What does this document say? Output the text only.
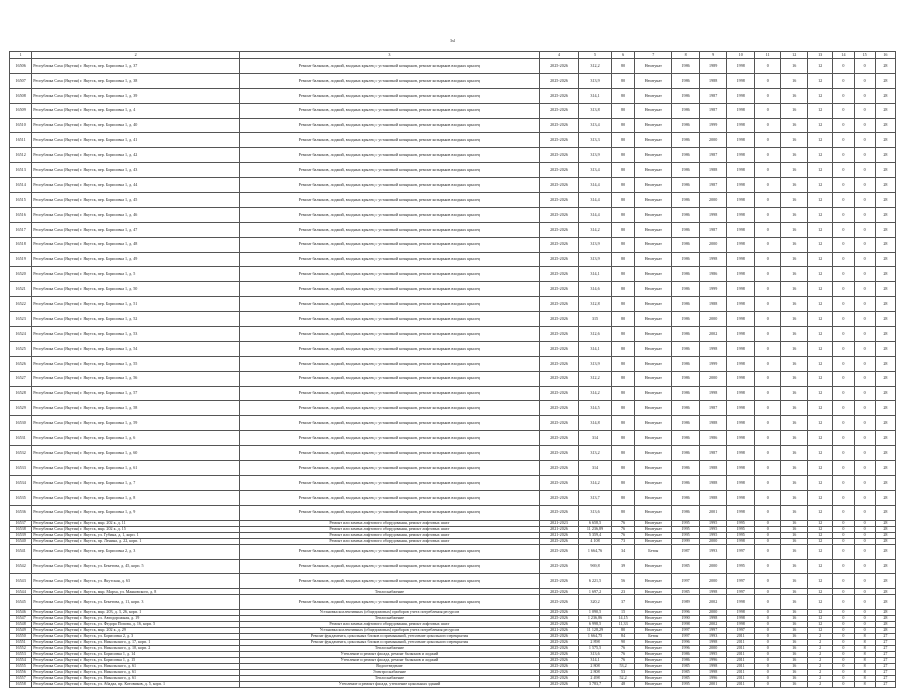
3xl
1	2	3	4	5	6	7	8	9	10	11	12	13	14	15	16
16506	Республика Саха (Якутия) г. Якутск, пер. Борисовка 1, д. 37	Ремонт балконов, лоджий, входных крылец с установкой козырьков, ремонт козырьков входных крылец	2025-2026	312,2	80	Нештукат	1986	1989	1998	0	16	12	0	0	28
16507	Республика Саха (Якутия) г. Якутск, пер. Борисовка 1, д. 38	Ремонт балконов, лоджий, входных крылец с установкой козырьков, ремонт козырьков входных крылец	2025-2026	313,9	80	Нештукат	1986	1988	1998	0	16	12	0	0	28
16508	Республика Саха (Якутия) г. Якутск, пер. Борисовка 1, д. 39	Ремонт балконов, лоджий, входных крылец с установкой козырьков, ремонт козырьков входных крылец	2025-2026	314,1	80	Нештукат	1986	1987	1998	0	16	12	0	0	28
16509	Республика Саха (Якутия) г. Якутск, пер. Борисовка 1, д. 4	Ремонт балконов, лоджий, входных крылец с установкой козырьков, ремонт козырьков входных крылец	2025-2026	313,8	80	Нештукат	1986	1987	1998	0	16	12	0	0	28
16510	Республика Саха (Якутия) г. Якутск, пер. Борисовка 1, д. 40	Ремонт балконов, лоджий, входных крылец с установкой козырьков, ремонт козырьков входных крылец	2025-2026	313,4	80	Нештукат	1986	1999	1998	0	16	12	0	0	28
16511	Республика Саха (Якутия) г. Якутск, пер. Борисовка 1, д. 41	Ремонт балконов, лоджий, входных крылец с установкой козырьков, ремонт козырьков входных крылец	2025-2026	313,3	80	Нештукат	1986	2000	1998	0	16	12	0	0	28
16512	Республика Саха (Якутия) г. Якутск, пер. Борисовка 1, д. 42	Ремонт балконов, лоджий, входных крылец с установкой козырьков, ремонт козырьков входных крылец	2025-2026	313,9	80	Нештукат	1986	1987	1998	0	16	12	0	0	28
16513	Республика Саха (Якутия) г. Якутск, пер. Борисовка 1, д. 43	Ремонт балконов, лоджий, входных крылец с установкой козырьков, ремонт козырьков входных крылец	2025-2026	313,4	80	Нештукат	1986	1988	1998	0	16	12	0	0	28
16514	Республика Саха (Якутия) г. Якутск, пер. Борисовка 1, д. 44	Ремонт балконов, лоджий, входных крылец с установкой козырьков, ремонт козырьков входных крылец	2025-2026	314,4	80	Нештукат	1986	1987	1998	0	16	12	0	0	28
16515	Республика Саха (Якутия) г. Якутск, пер. Борисовка 1, д. 45	Ремонт балконов, лоджий, входных крылец с установкой козырьков, ремонт козырьков входных крылец	2025-2026	314,4	80	Нештукат	1986	2000	1998	0	16	12	0	0	28
16516	Республика Саха (Якутия) г. Якутск, пер. Борисовка 1, д. 46	Ремонт балконов, лоджий, входных крылец с установкой козырьков, ремонт козырьков входных крылец	2025-2026	314,4	80	Нештукат	1986	1998	1998	0	16	12	0	0	28
16517	Республика Саха (Якутия) г. Якутск, пер. Борисовка 1, д. 47	Ремонт балконов, лоджий, входных крылец с установкой козырьков, ремонт козырьков входных крылец	2025-2026	314,2	80	Нештукат	1986	1987	1998	0	16	12	0	0	28
16518	Республика Саха (Якутия) г. Якутск, пер. Борисовка 1, д. 48	Ремонт балконов, лоджий, входных крылец с установкой козырьков, ремонт козырьков входных крылец	2025-2026	313,9	80	Нештукат	1986	2000	1998	0	16	12	0	0	28
16519	Республика Саха (Якутия) г. Якутск, пер. Борисовка 1, д. 49	Ремонт балконов, лоджий, входных крылец с установкой козырьков, ремонт козырьков входных крылец	2025-2026	313,9	80	Нештукат	1986	1998	1998	0	16	12	0	0	28
16520	Республика Саха (Якутия) г. Якутск, пер. Борисовка 1, д. 5	Ремонт балконов, лоджий, входных крылец с установкой козырьков, ремонт козырьков входных крылец	2025-2026	314,1	80	Нештукат	1986	1986	1998	0	16	12	0	0	28
16521	Республика Саха (Якутия) г. Якутск, пер. Борисовка 1, д. 50	Ремонт балконов, лоджий, входных крылец с установкой козырьков, ремонт козырьков входных крылец	2025-2026	314,6	80	Нештукат	1986	1999	1998	0	16	12	0	0	28
16522	Республика Саха (Якутия) г. Якутск, пер. Борисовка 1, д. 51	Ремонт балконов, лоджий, входных крылец с установкой козырьков, ремонт козырьков входных крылец	2025-2026	312,8	80	Нештукат	1986	1988	1998	0	16	12	0	0	28
16523	Республика Саха (Якутия) г. Якутск, пер. Борисовка 1, д. 52	Ремонт балконов, лоджий, входных крылец с установкой козырьков, ремонт козырьков входных крылец	2025-2026	315	80	Нештукат	1986	2000	1998	0	16	12	0	0	28
16524	Республика Саха (Якутия) г. Якутск, пер. Борисовка 1, д. 53	Ремонт балконов, лоджий, входных крылец с установкой козырьков, ремонт козырьков входных крылец	2025-2026	312,6	80	Нештукат	1986	2002	1998	0	16	12	0	0	28
16525	Республика Саха (Якутия) г. Якутск, пер. Борисовка 1, д. 54	Ремонт балконов, лоджий, входных крылец с установкой козырьков, ремонт козырьков входных крылец	2025-2026	314,1	80	Нештукат	1986	1998	1998	0	16	12	0	0	28
16526	Республика Саха (Якутия) г. Якутск, пер. Борисовка 1, д. 55	Ремонт балконов, лоджий, входных крылец с установкой козырьков, ремонт козырьков входных крылец	2025-2026	313,9	80	Нештукат	1986	1999	1998	0	16	12	0	0	28
16527	Республика Саха (Якутия) г. Якутск, пер. Борисовка 1, д. 56	Ремонт балконов, лоджий, входных крылец с установкой козырьков, ремонт козырьков входных крылец	2025-2026	312,2	80	Нештукат	1986	2000	1998	0	16	12	0	0	28
16528	Республика Саха (Якутия) г. Якутск, пер. Борисовка 1, д. 57	Ремонт балконов, лоджий, входных крылец с установкой козырьков, ремонт козырьков входных крылец	2025-2026	314,2	80	Нештукат	1986	1998	1998	0	16	12	0	0	28
16529	Республика Саха (Якутия) г. Якутск, пер. Борисовка 1, д. 58	Ремонт балконов, лоджий, входных крылец с установкой козырьков, ремонт козырьков входных крылец	2025-2026	314,5	80	Нештукат	1986	1987	1998	0	16	12	0	0	28
16530	Республика Саха (Якутия) г. Якутск, пер. Борисовка 1, д. 59	Ремонт балконов, лоджий, входных крылец с установкой козырьков, ремонт козырьков входных крылец	2025-2026	314,8	80	Нештукат	1986	1988	1998	0	16	12	0	0	28
16531	Республика Саха (Якутия) г. Якутск, пер. Борисовка 1, д. 6	Ремонт балконов, лоджий, входных крылец с установкой козырьков, ремонт козырьков входных крылец	2025-2026	314	80	Нештукат	1986	1986	1998	0	16	12	0	0	28
16532	Республика Саха (Якутия) г. Якутск, пер. Борисовка 1, д. 60	Ремонт балконов, лоджий, входных крылец с установкой козырьков, ремонт козырьков входных крылец	2025-2026	313,2	80	Нештукат	1986	1987	1998	0	16	12	0	0	28
16533	Республика Саха (Якутия) г. Якутск, пер. Борисовка 1, д. 61	Ремонт балконов, лоджий, входных крылец с установкой козырьков, ремонт козырьков входных крылец	2025-2026	314	80	Нештукат	1986	1988	1998	0	16	12	0	0	28
16534	Республика Саха (Якутия) г. Якутск, пер. Борисовка 1, д. 7	Ремонт балконов, лоджий, входных крылец с установкой козырьков, ремонт козырьков входных крылец	2025-2026	314,2	80	Нештукат	1986	1988	1998	0	16	12	0	0	28
16535	Республика Саха (Якутия) г. Якутск, пер. Борисовка 1, д. 8	Ремонт балконов, лоджий, входных крылец с установкой козырьков, ремонт козырьков входных крылец	2025-2026	313,7	80	Нештукат	1986	1988	1998	0	16	12	0	0	28
16536	Республика Саха (Якутия) г. Якутск, пер. Борисовка 1, д. 9	Ремонт балконов, лоджий, входных крылец с установкой козырьков, ремонт козырьков входных крылец	2025-2026	313,6	80	Нештукат	1986	2001	1998	0	16	12	0	0	28
16537	Республика Саха (Якутия) г. Якутск, мкр. 202 к. д. 11	Ремонт или замена лифтового оборудования, ремонт лифтовых шахт	2021-2023	6 658,5	76	Нештукат	1995	1995	1995	0	16	12	0	0	28
16538	Республика Саха (Якутия) г. Якутск, мкр. 202 к. д. 15	Ремонт или замена лифтового оборудования, ремонт лифтовых шахт	2021-2026	11 236,89	76	Нештукат	1995	1995	1995	0	16	12	0	0	28
16539	Республика Саха (Якутия) г. Якутск, ул. Губина, д. 1, корп. 1	Ремонт или замена лифтового оборудования, ремонт лифтовых шахт	2021-2026	5 359,4	76	Нештукат	1995	1995	1995	0	16	12	0	0	28
16540	Республика Саха (Якутия) г. Якутск, пр. Ленина, д. 22, корп. 1	Ремонт или замена лифтового оборудования, ремонт лифтовых шахт	2025-2026	4 108	73	Нештукат	1999	2000	1998	0	16	12	0	0	28
16541	Республика Саха (Якутия) г. Якутск, пер. Борисовка 2, д. 3	Ремонт балконов, лоджий, входных крылец с установкой козырьков, ремонт козырьков входных крылец	2025-2026	1 664,76	34	Бетон	1987	1993	1997	0	16	12	0	0	28
16542	Республика Саха (Якутия) г. Якутск, ул. Бекетова, д. 45, корп. 5	Ремонт балконов, лоджий, входных крылец с установкой козырьков, ремонт козырьков входных крылец	2025-2026	969,8	39	Нештукат	1985	2000	1995	0	16	12	0	0	28
16543	Республика Саха (Якутия) г. Якутск, ул. Якутская, д. 63	Ремонт балконов, лоджий, входных крылец с установкой козырьков, ремонт козырьков входных крылец	2025-2026	6 221,5	56	Нештукат	1997	2000	1997	0	16	12	0	0	28
16544	Республика Саха (Якутия) г. Якутск, мкр. Марха, ул. Маяковского, д. 8	Теплоснабжение	2025-2026	1 697,2	23	Нештукат	1985	1998	1997	0	16	12	0	0	28
16545	Республика Саха (Якутия) г. Якутск, ул. Бекетова, д. 11, корп. 3	Ремонт балконов, лоджий, входных крылец с установкой козырьков, ремонт козырьков входных крылец	2025-2026	320,2	37	Нештукат	1989	2002	1998	0	16	12	0	0	28
16546	Республика Саха (Якутия) г. Якутск, мкр. 203, д. 3, 26, корп. 1	Установка коллективных (общедомовых) приборов учета потребления ресурсов	2025-2026	1 090,5	15	Нештукат	1996	2000	1998	0	16	12	0	0	28
16547	Республика Саха (Якутия) г. Якутск, ул. Автодорожная, д. 19	Теплоснабжение	2025-2026	1 236,86	14,15	Нештукат	1990	1998	1998	0	16	12	0	0	28
16548	Республика Саха (Якутия) г. Якутск, ул. Федора Попова, д. 16, корп. 5	Ремонт или замена лифтового оборудования, ремонт лифтовых шахт	2025-2026	6 998,5	11,33	Нештукат	1998	2002	1998	0	16	12	0	0	28
16549	Республика Саха (Якутия) г. Якутск, мкр. 202 к. д. 29	Установка коллективных (общедомовых) приборов учета потребления ресурсов	2021-2026	11 128,29	80	Нештукат	1997	1997	1997	0	16	12	0	0	28
16550	Республика Саха (Якутия) г. Якутск, ул. Борисовка 2, д. 3	Ремонт фундамента, цокольных блоков и примыканий, утепление цокольного перекрытия	2025-2026	1 664,75	84	Бетон	1997	1993	2011	0	16	2	0	8	27
16551	Республика Саха (Якутия) г. Якутск, ул. Никольского, д. 17, корп. 1	Ремонт фундамента, цокольных блоков и примыканий, утепление цокольного перекрытия	2025-2026	2 898	90	Нештукат	1996	1998	2011	0	16	2	0	8	27
16552	Республика Саха (Якутия) г. Якутск, ул. Никольского, д. 10, корп. 2	Теплоснабжение	2025-2026	1 575,5	76	Нештукат	1996	2000	2011	0	16	2	0	8	27
16553	Республика Саха (Якутия) г. Якутск, ул. Борисовка 1, д. 14	Утепление и ремонт фасада, ремонт балконов и лоджий	2025-2026	313,6	76	Нештукат	1986	1995	2011	0	16	2	0	8	27
16554	Республика Саха (Якутия) г. Якутск, ул. Борисовка 1, д. 15	Утепление и ремонт фасада, ремонт балконов и лоджий	2025-2026	314,1	76	Нештукат	1986	1996	2011	0	16	2	0	8	27
16555	Республика Саха (Якутия) г. Якутск, ул. Никольского, д. 61	Водоотведение	2025-2026	2 808	53,2	Нештукат	1985	1998	2011	0	16	2	0	8	27
16556	Республика Саха (Якутия) г. Якутск, ул. Никольского, д. 61	Электроснабжение	2025-2026	2 808	53	Нештукат	1985	1998	2011	0	16	2	0	8	27
16557	Республика Саха (Якутия) г. Якутск, ул. Никольского, д. 61	Теплоснабжение	2025-2026	2 498	52,2	Нештукат	1985	1996	2011	0	16	2	0	8	27
16558	Республика Саха (Якутия) г. Якутск, ул. Абадаа, пр. Котовиков, д. 5, корп. 1	Утепление и ремонт фасада, утепление цокольных зданий	2025-2026	3 783,7	48	Нештукат	1995	2001	2011	0	16	2	0	8	27
